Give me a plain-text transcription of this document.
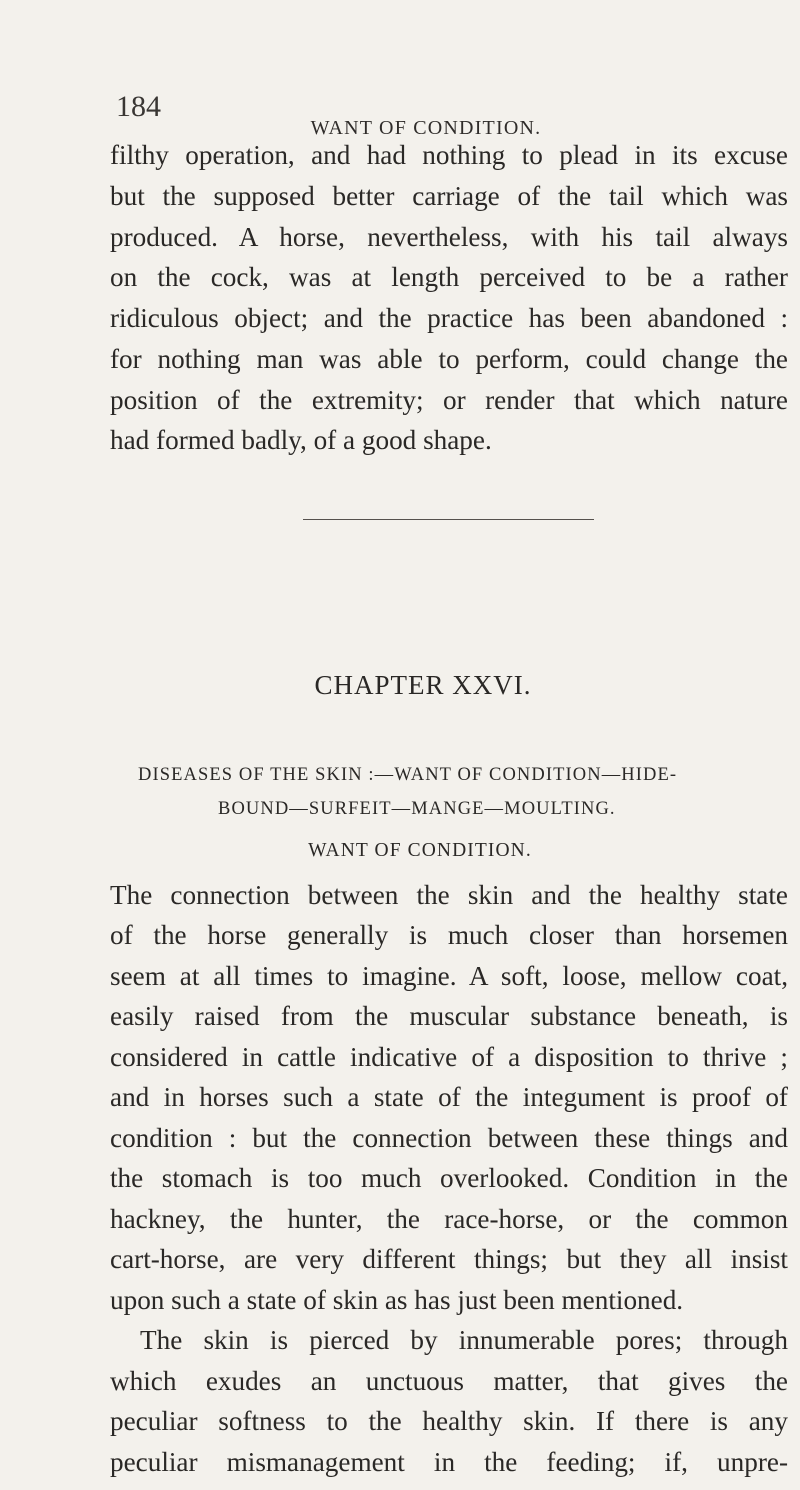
184
WANT OF CONDITION.
filthy operation, and had nothing to plead in its excuse
but the supposed better carriage of the tail which was
produced. A horse, nevertheless, with his tail always
on the cock, was at length perceived to be a rather
ridiculous object; and the practice has been abandoned :
for nothing man was able to perform, could change the
position of the extremity; or render that which nature
had formed badly, of a good shape.
CHAPTER XXVI.
DISEASES OF THE SKIN :—WANT OF CONDITION—HIDE-
BOUND—SURFEIT—MANGE—MOULTING.
WANT OF CONDITION.
The connection between the skin and the healthy state
of the horse generally is much closer than horsemen
seem at all times to imagine. A soft, loose, mellow coat,
easily raised from the muscular substance beneath, is
considered in cattle indicative of a disposition to thrive ;
and in horses such a state of the integument is proof of
condition : but the connection between these things and
the stomach is too much overlooked. Condition in the
hackney, the hunter, the race-horse, or the common
cart-horse, are very different things; but they all insist
upon such a state of skin as has just been mentioned.
The skin is pierced by innumerable pores; through
which exudes an unctuous matter, that gives the
peculiar softness to the healthy skin. If there is any
peculiar mismanagement in the feeding; if, unpre-
